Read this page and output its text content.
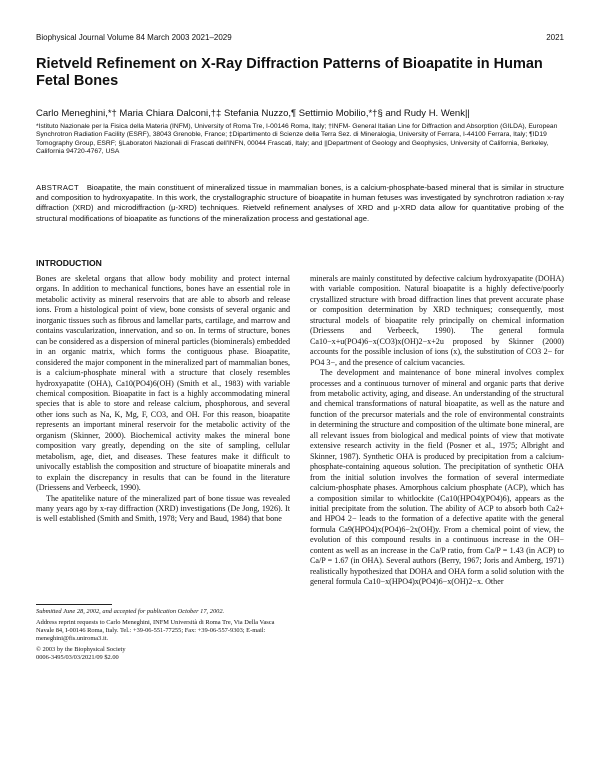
Biophysical Journal Volume 84 March 2003 2021–2029	2021
Rietveld Refinement on X-Ray Diffraction Patterns of Bioapatite in Human Fetal Bones

Carlo Meneghini,*† Maria Chiara Dalconi,†‡ Stefania Nuzzo,¶ Settimio Mobilio,*†§ and Rudy H. Wenk||

*Istituto Nazionale per la Fisica della Materia (INFM), University of Roma Tre, I-00146 Roma, Italy; †INFM- General Italian Line for Diffraction and Absorption (GILDA), European Synchrotron Radiation Facility (ESRF), 38043 Grenoble, France; ‡Dipartimento di Scienze della Terra Sez. di Mineralogia, University of Ferrara, I-44100 Ferrara, Italy; ¶ID19 Tomography Group, ESRF; §Laboratori Nazionali di Frascati dell'INFN, 00044 Frascati, Italy; and ||Department of Geology and Geophysics, University of California, Berkeley, California 94720-4767, USA

ABSTRACT Bioapatite, the main constituent of mineralized tissue in mammalian bones, is a calcium-phosphate-based mineral that is similar in structure and composition to hydroxyapatite. In this work, the crystallographic structure of bioapatite in human fetuses was investigated by synchrotron radiation x-ray diffraction (XRD) and microdiffraction (μ-XRD) techniques. Rietveld refinement analyses of XRD and μ-XRD data allow for quantitative probing of the structural modifications of bioapatite as functions of the mineralization process and gestational age.

INTRODUCTION

Bones are skeletal organs that allow body mobility and protect internal organs. In addition to mechanical functions, bones have an essential role in metabolic activity as mineral reservoirs that are able to absorb and release ions. From a histological point of view, bone consists of several organic and inorganic tissues such as fibrous and lamellar parts, cartilage, and marrow and contains vascularization, innervation, and so on. In terms of structure, bones can be considered as a dispersion of mineral particles (biominerals) embedded in an organic matrix, which forms the contiguous phase. Bioapatite, considered the major component in the mineralized part of mammalian bones, is a calcium-phosphate mineral with a structure that closely resembles hydroxyapatite (OHA), Ca10(PO4)6(OH) (Smith et al., 1983) with variable chemical composition. Bioapatite in fact is a highly accommodating mineral species that is able to store and release calcium, phosphorous, and several other ions such as Na, K, Mg, F, CO3, and OH. For this reason, bioapatite represents an important mineral reservoir for the metabolic activity of the organism (Skinner, 2000). Biochemical activity makes the mineral bone composition vary greatly, depending on the site of sampling, cellular metabolism, age, diet, and diseases. These features make it difficult to univocally establish the composition and structure of bioapatite minerals and to explain the discrepancy in results that can be found in the literature (Driessens and Verbeeck, 1990).

The apatitelike nature of the mineralized part of bone tissue was revealed many years ago by x-ray diffraction (XRD) investigations (De Jong, 1926). It is well established (Smith and Smith, 1978; Very and Baud, 1984) that bone

minerals are mainly constituted by defective calcium hydroxyapatite (DOHA) with variable composition. Natural bioapatite is a highly defective/poorly crystallized structure with broad diffraction lines that prevent accurate phase or composition determination by XRD techniques; consequently, most structural models of bioapatite rely principally on chemical information (Driessens and Verbeeck, 1990). The general formula Ca10−x+u(PO4)6−x(CO3)x(OH)2−x+2u proposed by Skinner (2000) accounts for the possible inclusion of ions (x), the substitution of CO3 2− for PO4 3−, and the presence of calcium vacancies.

The development and maintenance of bone mineral involves complex processes and a continuous turnover of mineral and organic parts that derive from metabolic activity, aging, and disease. An understanding of the structural and chemical transformations of natural bioapatite, as well as the nature and function of the precursor materials and the role of environmental constraints in determining the structure and composition of the ultimate bone mineral, are all relevant issues from biological and medical points of view that motivate extensive research activity in the field (Posner et al., 1975; Albright and Skinner, 1987). Synthetic OHA is produced by precipitation from a calcium-phosphate-containing aqueous solution. The precipitation of synthetic OHA from the initial solution involves the formation of several intermediate calcium-phosphate phases. Amorphous calcium phosphate (ACP), which has a composition similar to whitlockite (Ca10(HPO4)(PO4)6), appears as the initial precipitate from the solution. The ability of ACP to absorb both Ca2+ and HPO4 2− leads to the formation of a defective apatite with the general formula Ca9(HPO4)x(PO4)6−2x(OH)y. From a chemical point of view, the evolution of this compound results in a continuous increase in the OH− content as well as an increase in the Ca/P ratio, from Ca/P = 1.43 (in ACP) to Ca/P = 1.67 (in OHA). Several authors (Berry, 1967; Joris and Amberg, 1971) realistically hypothesized that DOHA and OHA form a solid solution with the general formula Ca10−x(HPO4)x(PO4)6−x(OH)2−x. Other

Submitted June 28, 2002, and accepted for publication October 17, 2002.

Address reprint requests to Carlo Meneghini, INFM Università di Roma Tre, Via Della Vasca Navale 84, I-00146 Roma, Italy. Tel.: +39-06-551-77255; Fax: +39-06-557-9303; E-mail: meneghini@fis.uniroma3.it.

© 2003 by the Biophysical Society

0006-3495/03/03/2021/09 $2.00
